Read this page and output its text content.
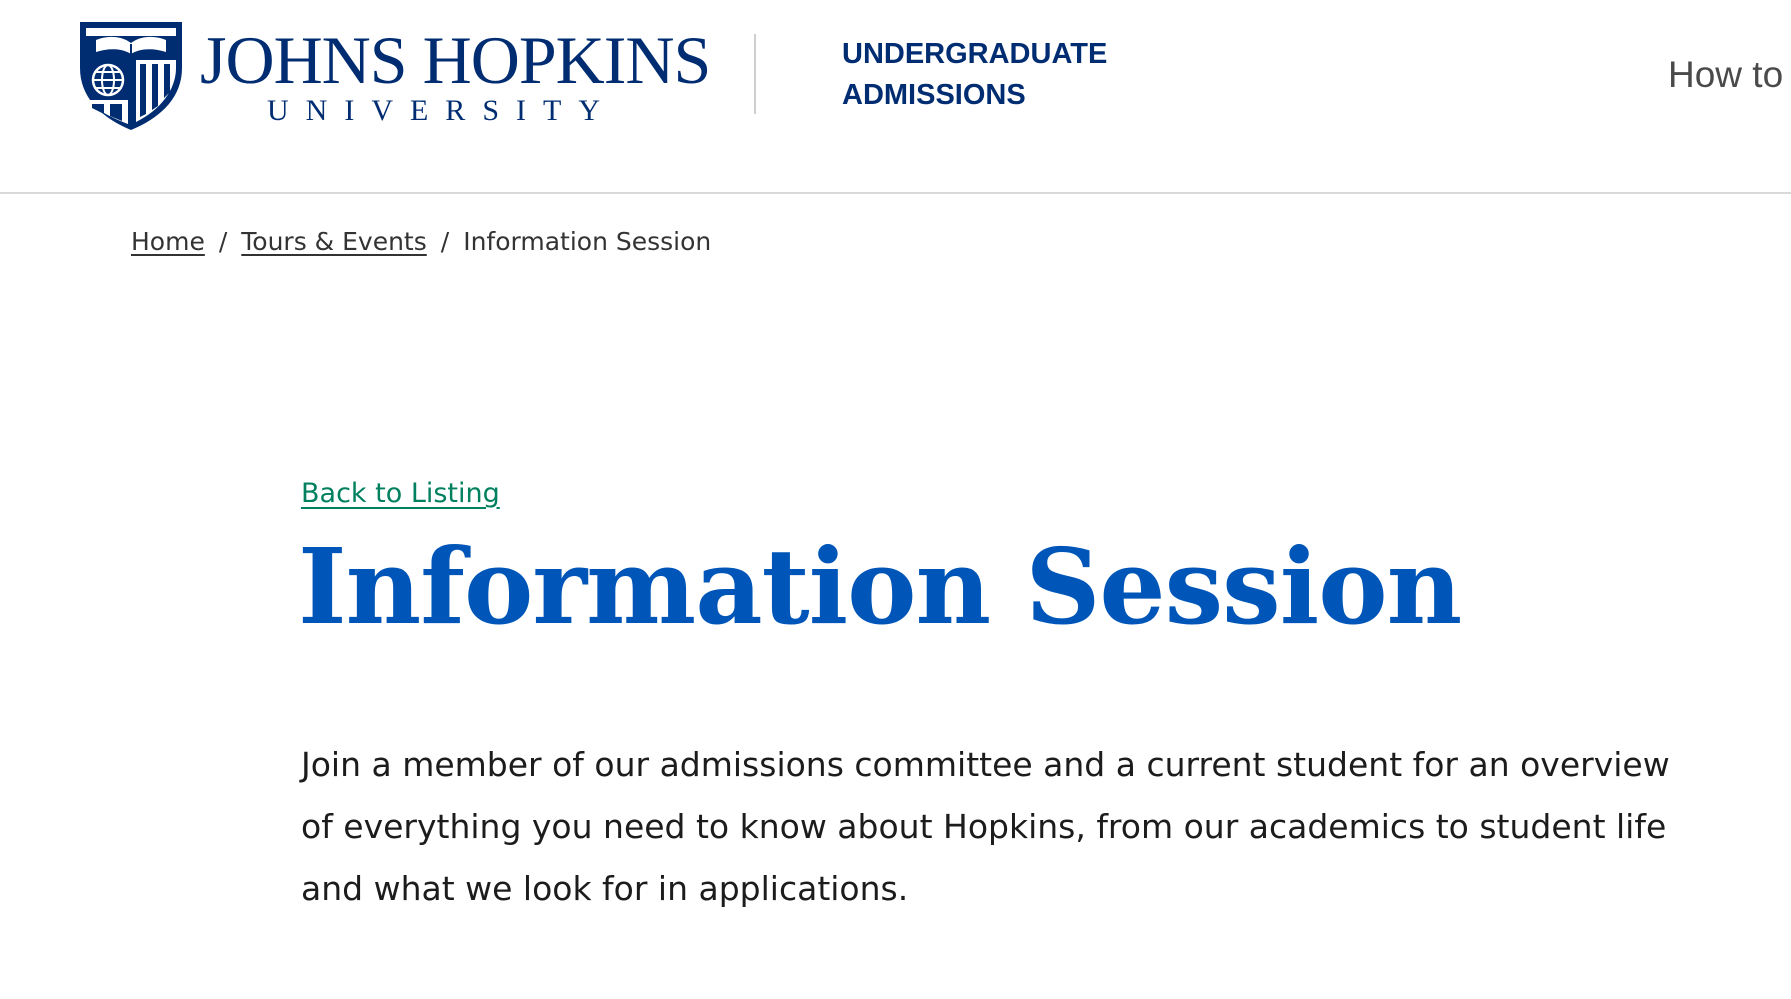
JOHNS HOPKINS
UNIVERSITY
UNDERGRADUATE
ADMISSIONS	How to
Home / Tours & Events / Information Session
Back to Listing
Information Session

Join a member of our admissions committee and a current student for an overview of everything you need to know about Hopkins, from our academics to student life and what we look for in applications.
